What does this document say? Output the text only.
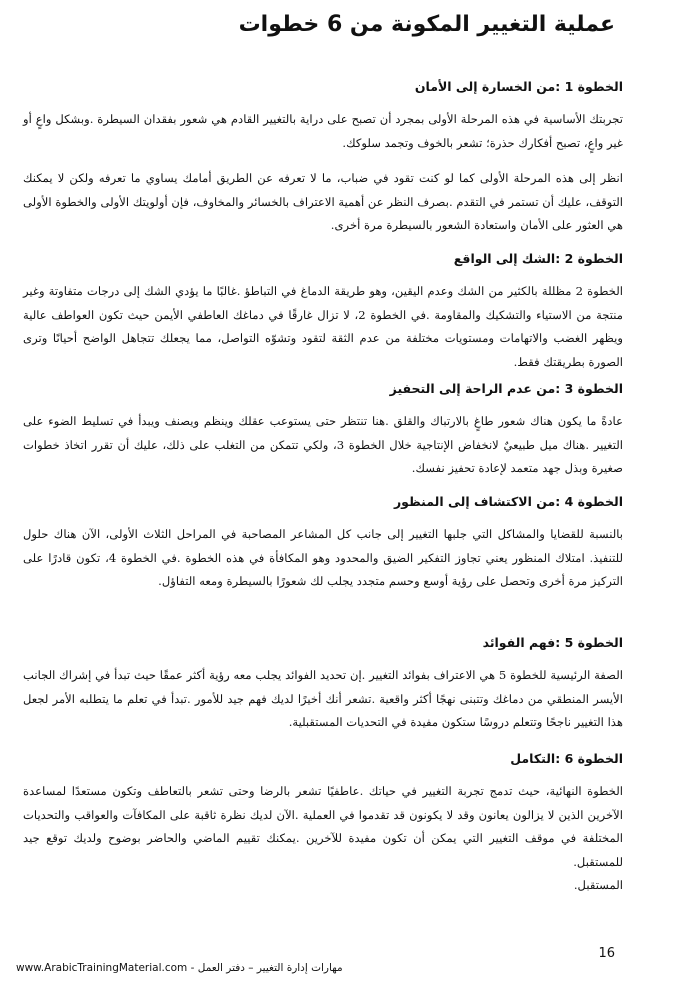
عملية التغيير المكونة من 6 خطوات
الخطوة 1 :من الخسارة إلى الأمان

تجربتك الأساسية في هذه المرحلة الأولى بمجرد أن تصبح على دراية بالتغيير القادم هي شعور بفقدان السيطرة .وبشكل واعٍ أو غير واعٍ، تصبح أفكارك حذرة؛ تشعر بالخوف وتجمد سلوكك.

انظر إلى هذه المرحلة الأولى كما لو كنت تقود في ضباب، ما لا تعرفه عن الطريق أمامك يساوي ما تعرفه ولكن لا يمكنك التوقف، عليك أن تستمر في التقدم .بصرف النظر عن أهمية الاعتراف بالخسائر والمخاوف، فإن أولويتك الأولى والخطوة الأولى هي العثور على الأمان واستعادة الشعور بالسيطرة مرة أخرى.

الخطوة 2 :الشك إلى الواقع

الخطوة 2 مظللة بالكثير من الشك وعدم اليقين، وهو طريقة الدماغ في التباطؤ .غالبًا ما يؤدي الشك إلى درجات متفاوتة وغير منتجة من الاستياء والتشكيك والمقاومة .في الخطوة 2، لا تزال غارقًا في دماغك العاطفي الأيمن حيث تكون العواطف عالية ويظهر الغضب والاتهامات ومستويات مختلفة من عدم الثقة لتقود وتشوّه التواصل، مما يجعلك تتجاهل الواضح أحيانًا وترى الصورة بطريقتك فقط.

الخطوة 3 :من عدم الراحة إلى التحفيز

عادةً ما يكون هناك شعور طاغٍ بالارتباك والقلق .هنا تنتظر حتى يستوعب عقلك وينظم ويصنف ويبدأ في تسليط الضوء على التغيير .هناك ميل طبيعيٌ لانخفاض الإنتاجية خلال الخطوة 3، ولكي تتمكن من التغلب على ذلك، عليك أن تقرر اتخاذ خطوات صغيرة وبذل جهد متعمد لإعادة تحفيز نفسك.

الخطوة 4 :من الاكتشاف إلى المنظور

بالنسبة للقضايا والمشاكل التي جلبها التغيير إلى جانب كل المشاعر المصاحبة في المراحل الثلاث الأولى، الآن هناك حلول للتنفيذ. امتلاك المنظور يعني تجاوز التفكير الضيق والمحدود وهو المكافأة في هذه الخطوة .في الخطوة 4، تكون قادرًا على التركيز مرة أخرى وتحصل على رؤية أوسع وحسم متجدد يجلب لك شعورًا بالسيطرة ومعه التفاؤل.

الخطوة 5 :فهم الفوائد

الصفة الرئيسية للخطوة 5 هي الاعتراف بفوائد التغيير .إن تحديد الفوائد يجلب معه رؤية أكثر عمقًا حيث تبدأ في إشراك الجانب الأيسر المنطقي من دماغك وتتبنى نهجًا أكثر واقعية .تشعر أنك أخيرًا لديك فهم جيد للأمور .تبدأ في تعلم ما يتطلبه الأمر لجعل هذا التغيير ناجحًا وتتعلم دروسًا ستكون مفيدة في التحديات المستقبلية.

الخطوة 6 :التكامل

الخطوة النهائية، حيث تدمج تجربة التغيير في حياتك .عاطفيًا تشعر بالرضا وحتى تشعر بالتعاطف وتكون مستعدًا لمساعدة الآخرين الذين لا يزالون يعانون وقد لا يكونون قد تقدموا في العملية .الآن لديك نظرة ثاقبة على المكافآت والعواقب والتحديات المختلفة في موقف التغيير التي يمكن أن تكون مفيدة للآخرين .يمكنك تقييم الماضي والحاضر بوضوح ولديك توقع جيد للمستقبل.

المستقبل.

16
www.ArabicTrainingMaterial.com - مهارات إدارة التغيير – دفتر العمل
